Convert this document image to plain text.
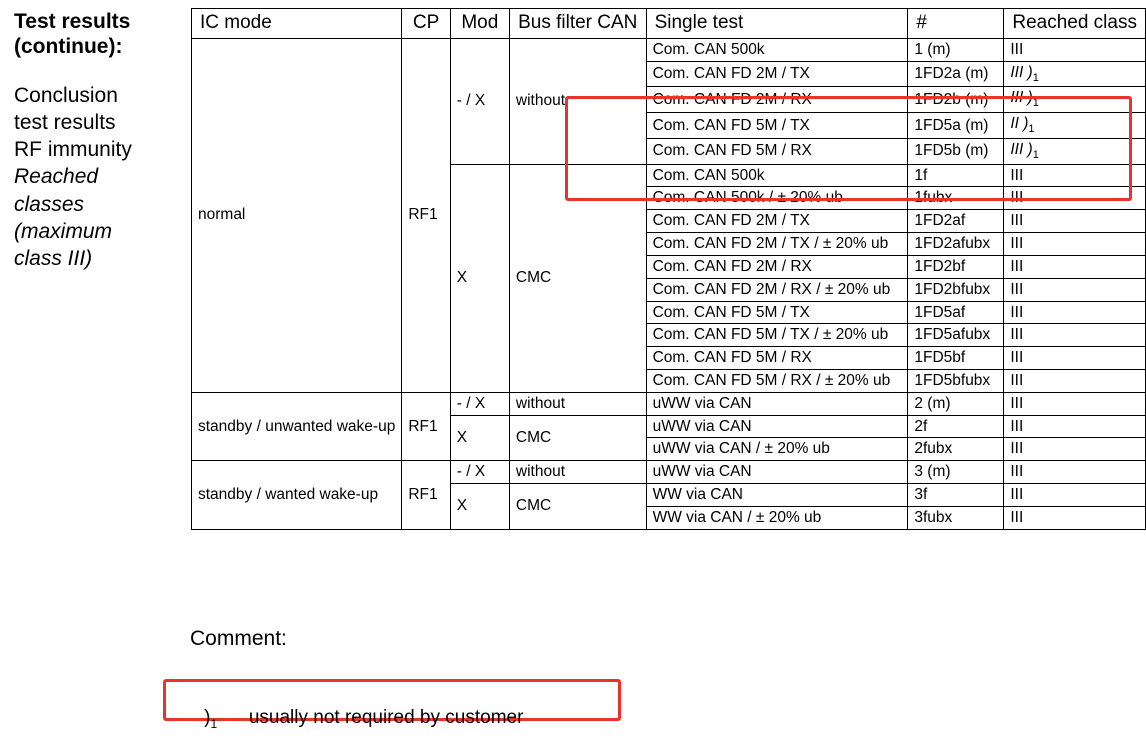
Test results (continue):
Conclusion
test results
RF immunity
Reached
classes
(maximum
class III)
IC mode	CP	Mod	Bus filter CAN	Single test	#	Reached class
normal	RF1	- / X	without	Com. CAN 500k	1 (m)	III
				Com. CAN FD 2M / TX	1FD2a (m)	III )$_1$
				Com. CAN FD 2M / RX	1FD2b (m)	III )$_1$
				Com. CAN FD 5M / TX	1FD5a (m)	II )$_1$
				Com. CAN FD 5M / RX	1FD5b (m)	III )$_1$
		X	CMC	Com. CAN 500k	1f	III
				Com. CAN 500k / ± 20% ub	1fubx	III
				Com. CAN FD 2M / TX	1FD2af	III
				Com. CAN FD 2M / TX / ± 20% ub	1FD2afubx	III
				Com. CAN FD 2M / RX	1FD2bf	III
				Com. CAN FD 2M / RX / ± 20% ub	1FD2bfubx	III
				Com. CAN FD 5M / TX	1FD5af	III
				Com. CAN FD 5M / TX / ± 20% ub	1FD5afubx	III
				Com. CAN FD 5M / RX	1FD5bf	III
				Com. CAN FD 5M / RX / ± 20% ub	1FD5bfubx	III
standby / unwanted wake-up	RF1	- / X	without	uWW via CAN	2 (m)	III
		X	CMC	uWW via CAN	2f	III
				uWW via CAN / ± 20% ub	2fubx	III
standby / wanted wake-up	RF1	- / X	without	uWW via CAN	3 (m)	III
		X	CMC	WW via CAN	3f	III
				WW via CAN / ± 20% ub	3fubx	III
Comment:

)$_1$ usually not required by customer
